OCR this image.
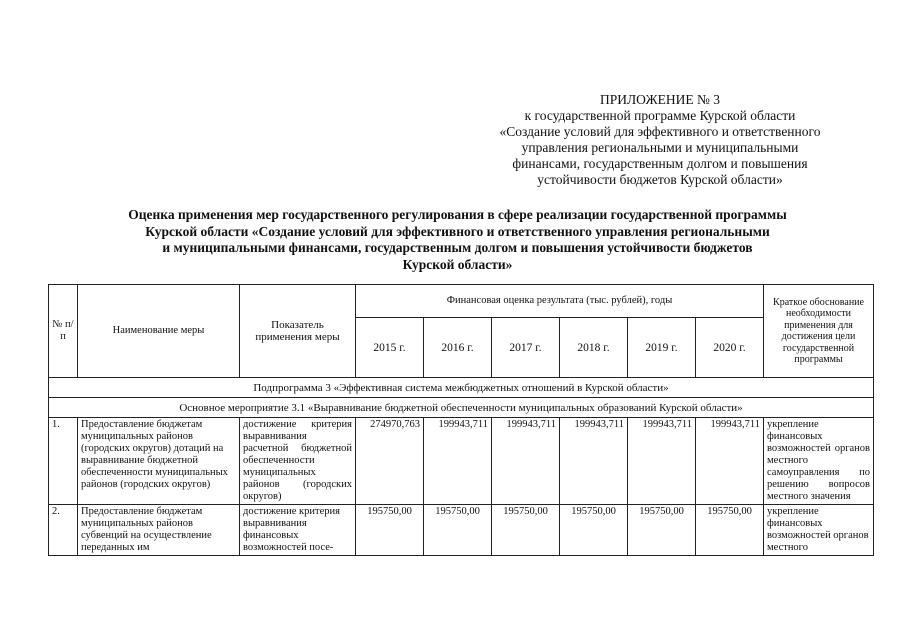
ПРИЛОЖЕНИЕ № 3
к государственной программе Курской области
«Создание условий для эффективного и ответственного
управления региональными и муниципальными
финансами, государственным долгом и повышения
устойчивости бюджетов Курской области»
Оценка применения мер государственного регулирования в сфере реализации государственной программы
Курской области «Создание условий для эффективного и ответственного управления региональными
и муниципальными финансами, государственным долгом и повышения устойчивости бюджетов
Курской области»
№ п/п	Наименование меры	Показатель применения меры	Финансовая оценка результата (тыс. рублей), годы						Краткое обоснование необходимости применения для достижения цели государственной программы
			2015 г.	2016 г.	2017 г.	2018 г.	2019 г.	2020 г.	
Подпрограмма 3 «Эффективная система межбюджетных отношений в Курской области»									
Основное мероприятие 3.1 «Выравнивание бюджетной обеспеченности муниципальных образований Курской области»									
1.	Предоставление бюджетам муниципальных районов (городских округов) дотаций на выравнивание бюджетной обеспеченности муниципальных районов (городских округов)	достижение критерия выравнивания расчетной бюджетной обеспеченности муниципальных районов (городских округов)	274970,763	199943,711	199943,711	199943,711	199943,711	199943,711	укрепление финансовых возможностей органов местного самоуправления по решению вопросов местного значения
2.	Предоставление бюджетам муниципальных районов субвенций на осуществление переданных им	достижение критерия выравнивания финансовых возможностей посе-	195750,00	195750,00	195750,00	195750,00	195750,00	195750,00	укрепление финансовых возможностей органов местного
